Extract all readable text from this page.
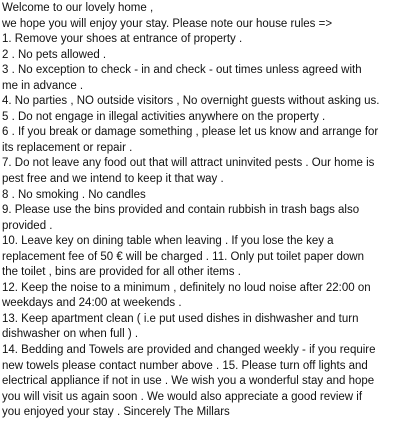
Welcome to our lovely home ,

we hope you will enjoy your stay. Please note our house rules =>

1. Remove your shoes at entrance of property .

2 . No pets allowed .

3 . No exception to check - in and check - out times unless agreed with

me in advance .

4. No parties , NO outside visitors , No overnight guests without asking us.

5 . Do not engage in illegal activities anywhere on the property .

6 . If you break or damage something , please let us know and arrange for

its replacement or repair .

7. Do not leave any food out that will attract uninvited pests . Our home is

pest free and we intend to keep it that way .

8 . No smoking . No candles

9. Please use the bins provided and contain rubbish in trash bags also

provided .

10. Leave key on dining table when leaving . If you lose the key a

replacement fee of 50 € will be charged . 11. Only put toilet paper down

the toilet , bins are provided for all other items .

12. Keep the noise to a minimum , definitely no loud noise after 22:00 on

weekdays and 24:00 at weekends .

13. Keep apartment clean ( i.e put used dishes in dishwasher and turn

dishwasher on when full ) .

14. Bedding and Towels are provided and changed weekly - if you require

new towels please contact number above . 15. Please turn off lights and

electrical appliance if not in use . We wish you a wonderful stay and hope

you will visit us again soon . We would also appreciate a good review if

you enjoyed your stay . Sincerely The Millars
